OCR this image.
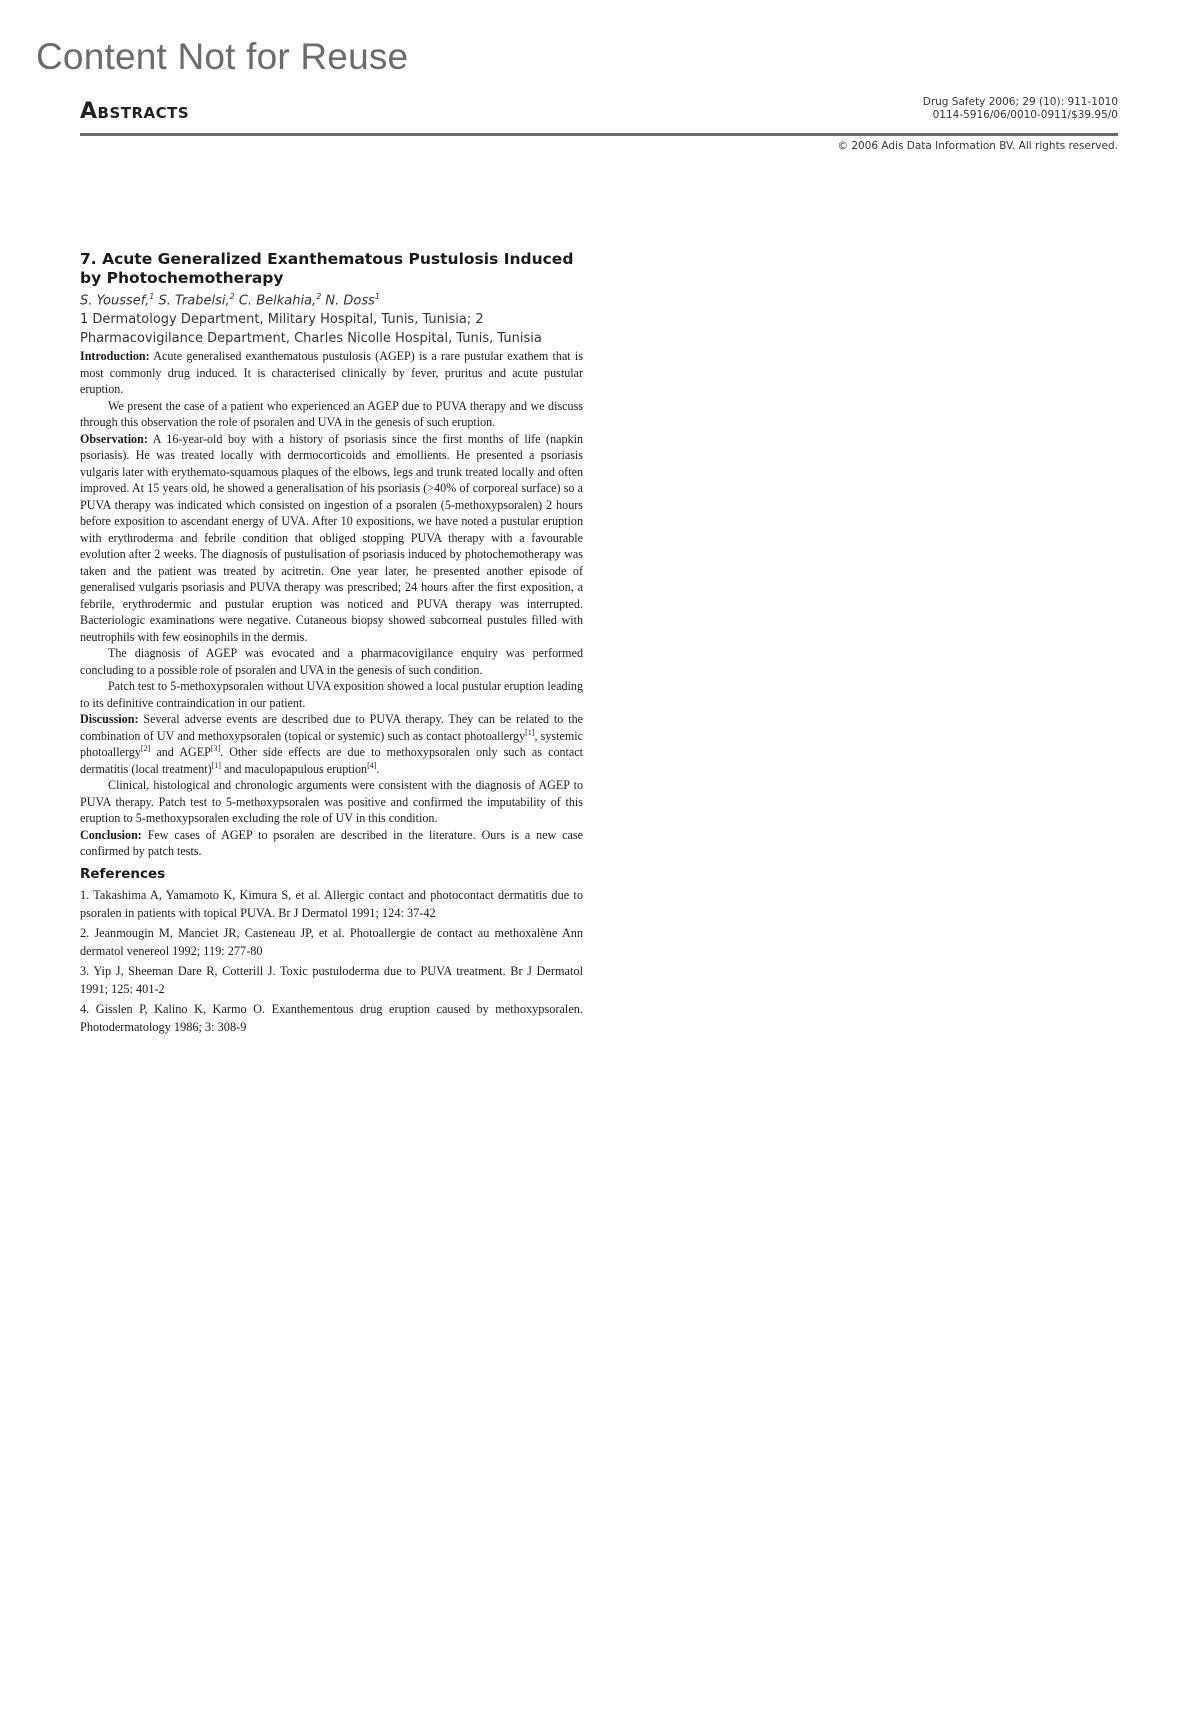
Content Not for Reuse
Abstracts	Drug Safety 2006; 29 (10): 911-1010
0114-5916/06/0010-0911/$39.95/0
© 2006 Adis Data Information BV. All rights reserved.
7. Acute Generalized Exanthematous Pustulosis Induced by Photochemotherapy
S. Youssef,$^1$ S. Trabelsi,$^2$ C. Belkahia,$^2$ N. Doss$^1$
1 Dermatology Department, Military Hospital, Tunis, Tunisia; 2 Pharmacovigilance Department, Charles Nicolle Hospital, Tunis, Tunisia

Introduction: Acute generalised exanthematous pustulosis (AGEP) is a rare pustular exathem that is most commonly drug induced. It is characterised clinically by fever, pruritus and acute pustular eruption.

We present the case of a patient who experienced an AGEP due to PUVA therapy and we discuss through this observation the role of psoralen and UVA in the genesis of such eruption.

Observation: A 16-year-old boy with a history of psoriasis since the first months of life (napkin psoriasis). He was treated locally with dermocorticoids and emollients. He presented a psoriasis vulgaris later with erythemato-squamous plaques of the elbows, legs and trunk treated locally and often improved. At 15 years old, he showed a generalisation of his psoriasis (>40% of corporeal surface) so a PUVA therapy was indicated which consisted on ingestion of a psoralen (5-methoxypsoralen) 2 hours before exposition to ascendant energy of UVA. After 10 expositions, we have noted a pustular eruption with erythroderma and febrile condition that obliged stopping PUVA therapy with a favourable evolution after 2 weeks. The diagnosis of pustulisation of psoriasis induced by photochemotherapy was taken and the patient was treated by acitretin. One year later, he presented another episode of generalised vulgaris psoriasis and PUVA therapy was prescribed; 24 hours after the first exposition, a febrile, erythrodermic and pustular eruption was noticed and PUVA therapy was interrupted. Bacteriologic examinations were negative. Cutaneous biopsy showed subcorneal pustules filled with neutrophils with few eosinophils in the dermis.

The diagnosis of AGEP was evocated and a pharmacovigilance enquiry was performed concluding to a possible role of psoralen and UVA in the genesis of such condition.

Patch test to 5-methoxypsoralen without UVA exposition showed a local pustular eruption leading to its definitive contraindication in our patient.

Discussion: Several adverse events are described due to PUVA therapy. They can be related to the combination of UV and methoxypsoralen (topical or systemic) such as contact photoallergy[1], systemic photoallergy[2] and AGEP[3]. Other side effects are due to methoxypsoralen only such as contact dermatitis (local treatment)[1] and maculopapulous eruption[4].

Clinical, histological and chronologic arguments were consistent with the diagnosis of AGEP to PUVA therapy. Patch test to 5-methoxypsoralen was positive and confirmed the imputability of this eruption to 5-methoxypsoralen excluding the role of UV in this condition.

Conclusion: Few cases of AGEP to psoralen are described in the literature. Ours is a new case confirmed by patch tests.

References

1. Takashima A, Yamamoto K, Kimura S, et al. Allergic contact and photocontact dermatitis due to psoralen in patients with topical PUVA. Br J Dermatol 1991; 124: 37-42

2. Jeanmougin M, Manciet JR, Casteneau JP, et al. Photoallergie de contact au methoxalène Ann dermatol venereol 1992; 119: 277-80

3. Yip J, Sheeman Dare R, Cotterill J. Toxic pustuloderma due to PUVA treatment. Br J Dermatol 1991; 125: 401-2

4. Gisslen P, Kalino K, Karmo O. Exanthementous drug eruption caused by methoxypsoralen. Photodermatology 1986; 3: 308-9
